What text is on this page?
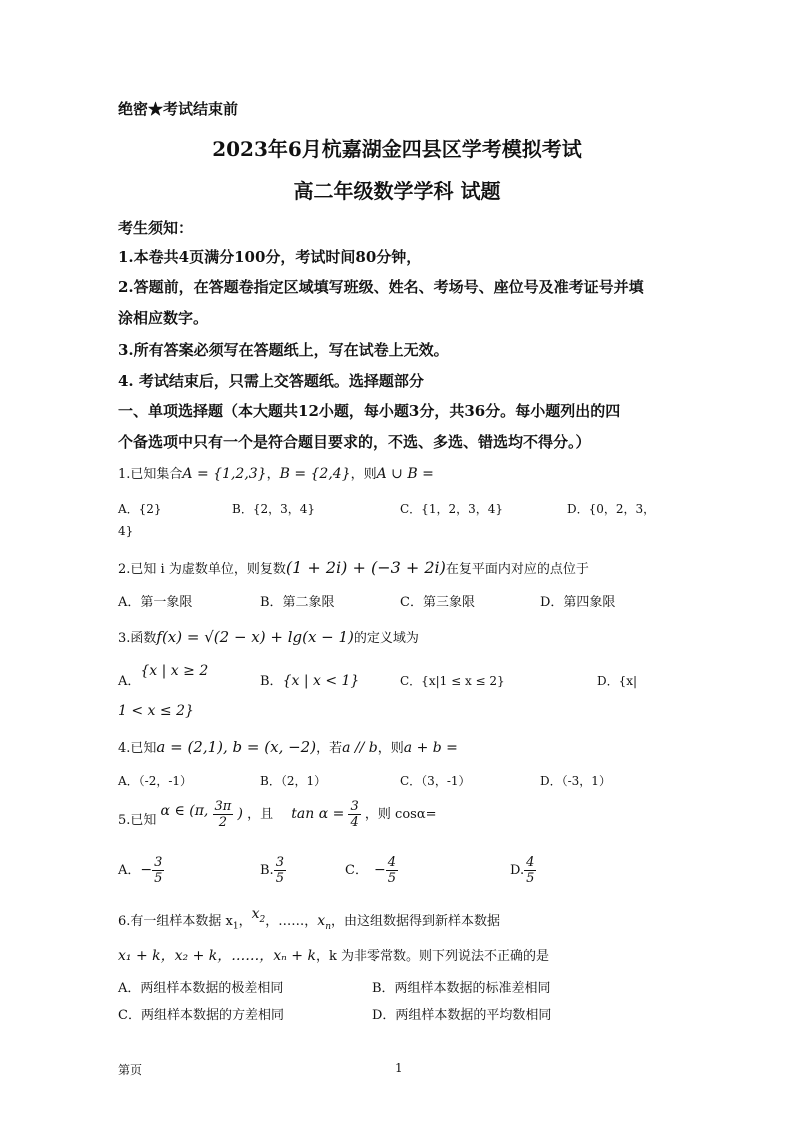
绝密★考试结束前
2023年6月杭嘉湖金四县区学考模拟考试
高二年级数学学科 试题
考生须知：
1.本卷共4页满分100分，考试时间80分钟，
2.答题前，在答题卷指定区域填写班级、姓名、考场号、座位号及准考证号并填
涂相应数字。
3.所有答案必须写在答题纸上，写在试卷上无效。
4. 考试结束后，只需上交答题纸。选择题部分
一、单项选择题（本大题共12小题，每小题3分，共36分。每小题列出的四
个备选项中只有一个是符合题目要求的，不选、多选、错选均不得分。）
1.已知集合A = {1,2,3}，B = {2,4}，则A ∪ B =
A．{2}	B．{2，3，4}	C．{1，2，3，4}	D．{0，2，3，
4}
2.已知 i 为虚数单位，则复数(1 + 2i) + (−3 + 2i)在复平面内对应的点位于
A．第一象限	B．第二象限	C．第三象限	D．第四象限
3.函数f(x) = √(2 − x) + lg(x − 1)的定义域为
A．{x | x ≥ 2
B．{x | x < 1}	C．{x|1 ≤ x ≤ 2}	D．{x|
1 < x ≤ 2}
4.已知a = (2,1), b = (x, −2)，若a // b，则a + b =
A．（-2，-1）	B．（2，1）	C．（3，-1）	D．（-3，1）
5.已知 α ∈ (π, $\frac{3\pi}{2}$ ) ，且 $\tan \alpha = \frac{3}{4}$ ，则 cosα=
A．− $\frac{3}{5}$	B. $\frac{3}{5}$	C． − $\frac{4}{5}$	D. $\frac{4}{5}$
6.有一组样本数据 $x_1$，$x_2$，……，$x_n$，由这组数据得到新样本数据
x₁ + k，x₂ + k，……，xₙ + k，k 为非零常数。则下列说法不正确的是
A．两组样本数据的极差相同	B．两组样本数据的标准差相同
C．两组样本数据的方差相同	D．两组样本数据的平均数相同
第页	1
